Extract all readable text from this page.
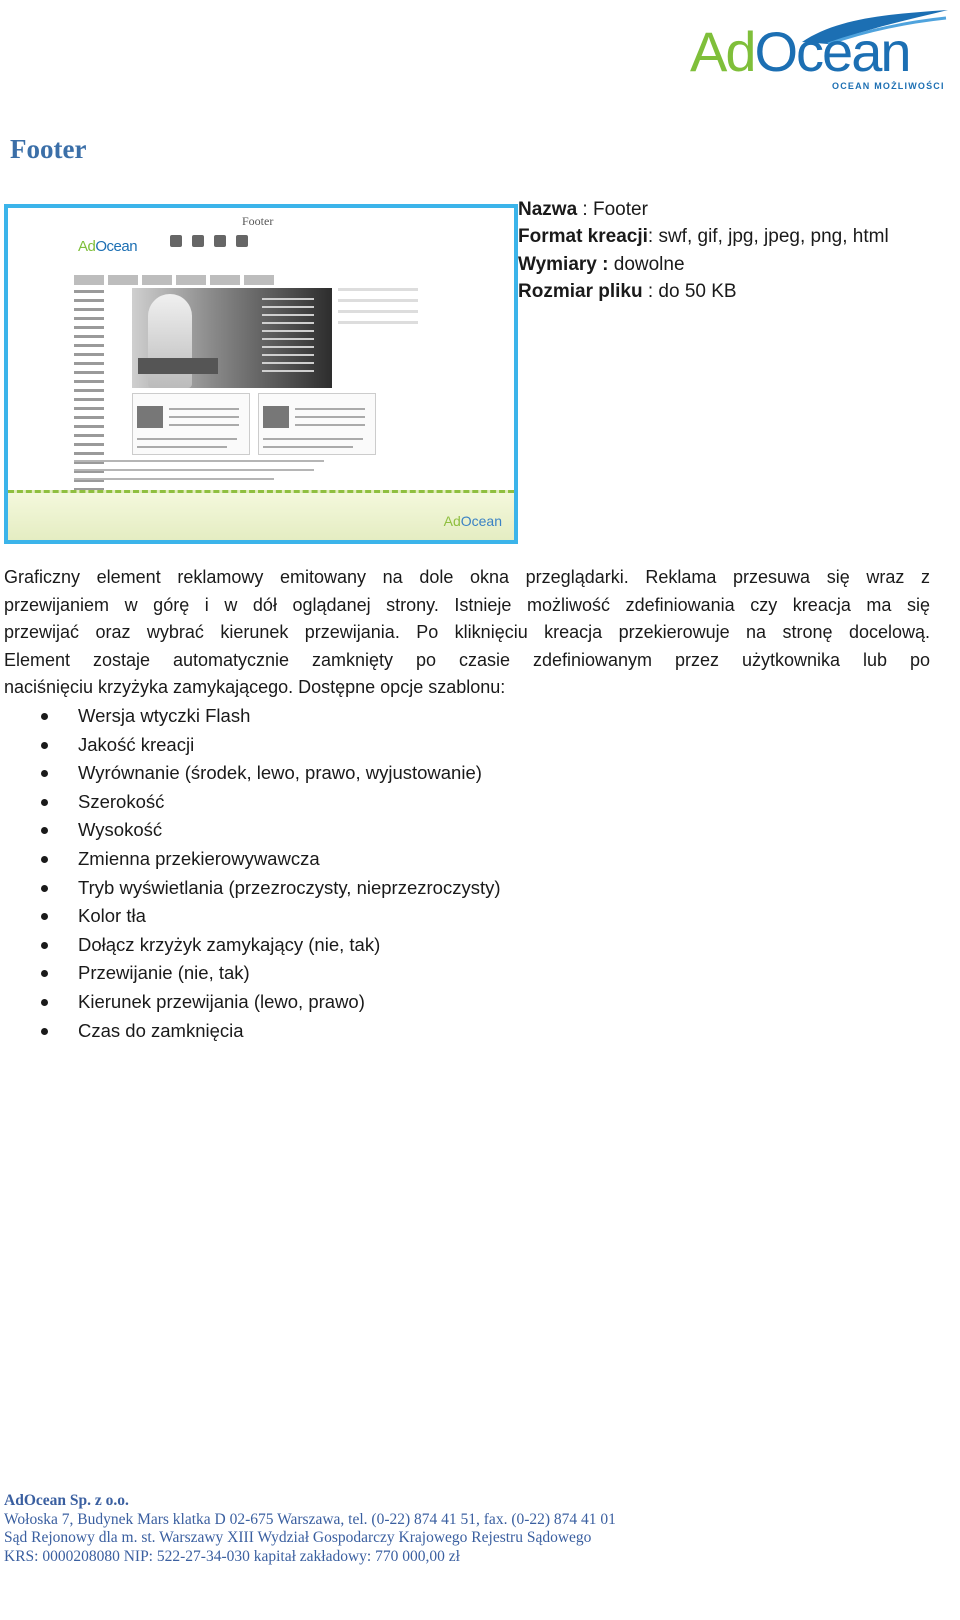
AdOcean
OCEAN MOŻLIWOŚCI
Footer
Footer
AdOcean
AdOcean
Nazwa : Footer
Format kreacji: swf, gif, jpg, jpeg, png, html
Wymiary : dowolne
Rozmiar pliku : do 50 KB
Graficzny element reklamowy emitowany na dole okna przeglądarki. Reklama przesuwa się wraz z
przewijaniem w górę i w dół oglądanej strony. Istnieje możliwość zdefiniowania czy kreacja ma się
przewijać oraz wybrać kierunek przewijania. Po kliknięciu kreacja przekierowuje na stronę docelową.
Element zostaje automatycznie zamknięty po czasie zdefiniowanym przez użytkownika lub po
naciśnięciu krzyżyka zamykającego. Dostępne opcje szablonu:
Wersja wtyczki Flash
Jakość kreacji
Wyrównanie (środek, lewo, prawo, wyjustowanie)
Szerokość
Wysokość
Zmienna przekierowywawcza
Tryb wyświetlania (przezroczysty, nieprzezroczysty)
Kolor tła
Dołącz krzyżyk zamykający (nie, tak)
Przewijanie (nie, tak)
Kierunek przewijania (lewo, prawo)
Czas do zamknięcia
AdOcean Sp. z o.o.
Wołoska 7, Budynek Mars klatka D 02-675 Warszawa, tel. (0-22) 874 41 51, fax. (0-22) 874 41 01
Sąd Rejonowy dla m. st. Warszawy XIII Wydział Gospodarczy Krajowego Rejestru Sądowego
KRS: 0000208080 NIP: 522-27-34-030 kapitał zakładowy: 770 000,00 zł
